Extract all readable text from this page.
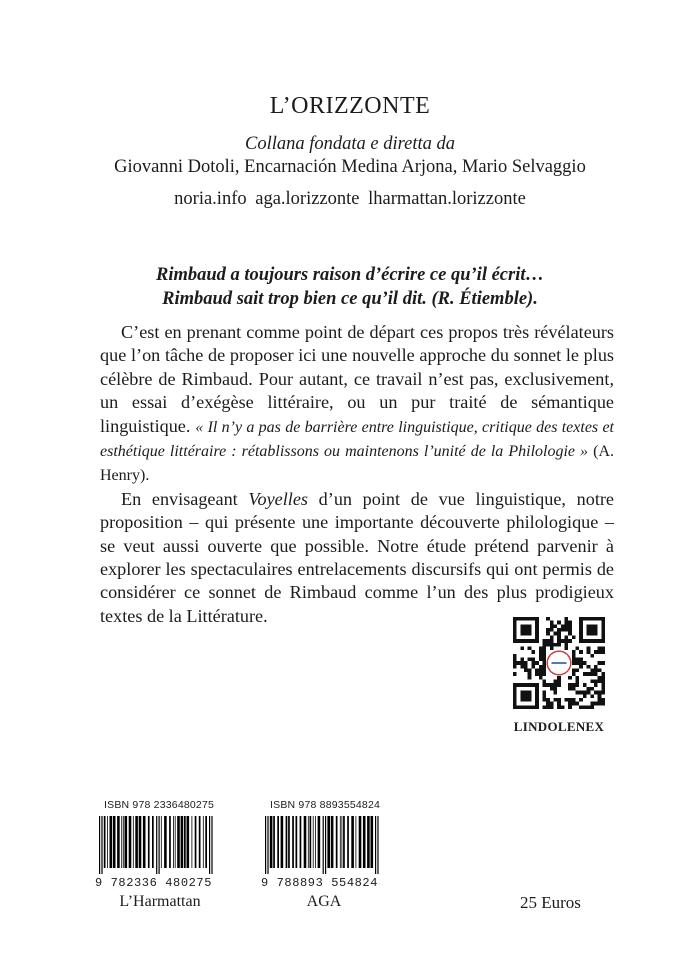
L’ORIZZONTE
Collana fondata e diretta da
Giovanni Dotoli, Encarnación Medina Arjona, Mario Selvaggio
noria.info aga.lorizzonte lharmattan.lorizzonte
Rimbaud a toujours raison d’écrire ce qu’il écrit…
Rimbaud sait trop bien ce qu’il dit. (R. Étiemble).

C’est en prenant comme point de départ ces propos très révélateurs que l’on tâche de proposer ici une nouvelle approche du sonnet le plus célèbre de Rimbaud. Pour autant, ce travail n’est pas, exclusivement, un essai d’exégèse littéraire, ou un pur traité de sémantique linguistique. « Il n’y a pas de barrière entre linguistique, critique des textes et esthétique littéraire : rétablissons ou maintenons l’unité de la Philologie » (A. Henry).

En envisageant Voyelles d’un point de vue linguistique, notre proposition – qui présente une importante découverte philologique – se veut aussi ouverte que possible. Notre étude prétend parvenir à explorer les spectaculaires entrelacements discursifs qui ont permis de considérer ce sonnet de Rimbaud comme l’un des plus prodigieux textes de la Littérature.

LINDOLENEX
ISBN 978 2336480275
9 782336 480275
L’Harmattan
ISBN 978 8893554824
9 788893 554824
AGA	25 Euros
